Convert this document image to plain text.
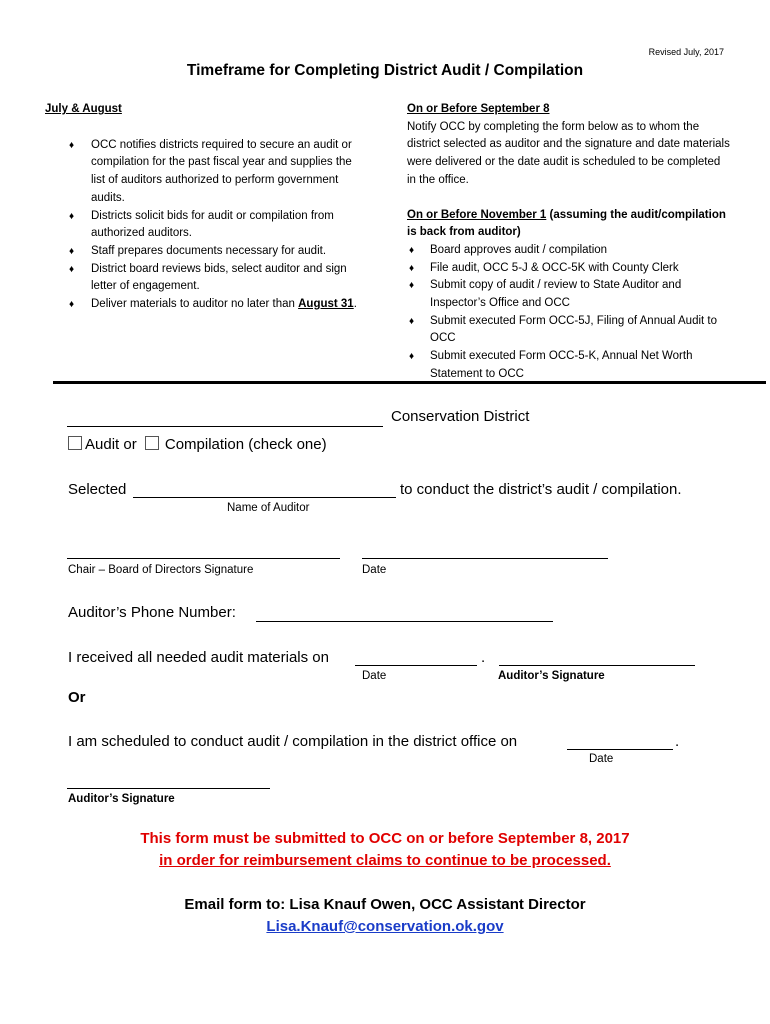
Revised July, 2017
Timeframe for Completing District Audit / Compilation
July & August
♦ OCC notifies districts required to secure an audit or compilation for the past fiscal year and supplies the list of auditors authorized to perform government audits.
♦ Districts solicit bids for audit or compilation from authorized auditors.
♦ Staff prepares documents necessary for audit.
♦ District board reviews bids, select auditor and sign letter of engagement.
♦ Deliver materials to auditor no later than August 31.
On or Before September 8
Notify OCC by completing the form below as to whom the district selected as auditor and the signature and date materials were delivered or the date audit is scheduled to be completed in the office.
On or Before November 1 (assuming the audit/compilation is back from auditor)
♦ Board approves audit / compilation
♦ File audit, OCC 5-J & OCC-5K with County Clerk
♦ Submit copy of audit / review to State Auditor and Inspector’s Office and OCC
♦ Submit executed Form OCC-5J, Filing of Annual Audit to OCC
♦ Submit executed Form OCC-5-K, Annual Net Worth Statement to OCC
Conservation District
Audit or Compilation (check one)
Selected	to conduct the district’s audit / compilation.
Name of Auditor
Chair – Board of Directors Signature	Date
Auditor’s Phone Number:
I received all needed audit materials on	.
Date	Auditor’s Signature
Or
I am scheduled to conduct audit / compilation in the district office on	.
Date
Auditor’s Signature
This form must be submitted to OCC on or before September 8, 2017
in order for reimbursement claims to continue to be processed.
Email form to: Lisa Knauf Owen, OCC Assistant Director
Lisa.Knauf@conservation.ok.gov
